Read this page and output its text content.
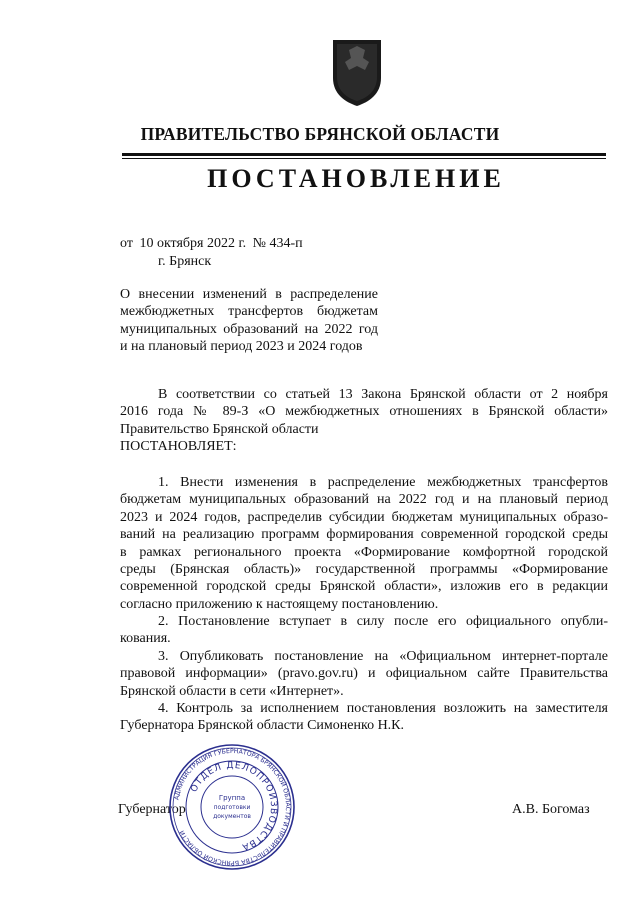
ПРАВИТЕЛЬСТВО БРЯНСКОЙ ОБЛАСТИ
ПОСТАНОВЛЕНИЕ
от 10 октября 2022 г. № 434-п
г. Брянск
О внесении изменений в распределение
межбюджетных трансфертов бюджетам
муниципальных образований на 2022 год
и на плановый период 2023 и 2024 годов
В соответствии со статьей 13 Закона Брянской области от 2 ноября
2016 года № 89-З «О межбюджетных отношениях в Брянской области»
Правительство Брянской области
ПОСТАНОВЛЯЕТ:
1. Внести изменения в распределение межбюджетных трансфертов
бюджетам муниципальных образований на 2022 год и на плановый период
2023 и 2024 годов, распределив субсидии бюджетам муниципальных образо-
ваний на реализацию программ формирования современной городской среды
в рамках регионального проекта «Формирование комфортной городской
среды (Брянская область)» государственной программы «Формирование
современной городской среды Брянской области», изложив его в редакции
согласно приложению к настоящему постановлению.
2. Постановление вступает в силу после его официального опубли-
кования.
3. Опубликовать постановление на «Официальном интернет-портале
правовой информации» (pravo.gov.ru) и официальном сайте Правительства
Брянской области в сети «Интернет».
4. Контроль за исполнением постановления возложить на заместителя
Губернатора Брянской области Симоненко Н.К.
Губернатор	А.В. Богомаз
АДМИНИСТРАЦИЯ ГУБЕРНАТОРА БРЯНСКОЙ ОБЛАСТИ И ПРАВИТЕЛЬСТВА БРЯНСКОЙ ОБЛАСТИ
ОТДЕЛ ДЕЛОПРОИЗВОДСТВА
Группа
подготовки
документов
